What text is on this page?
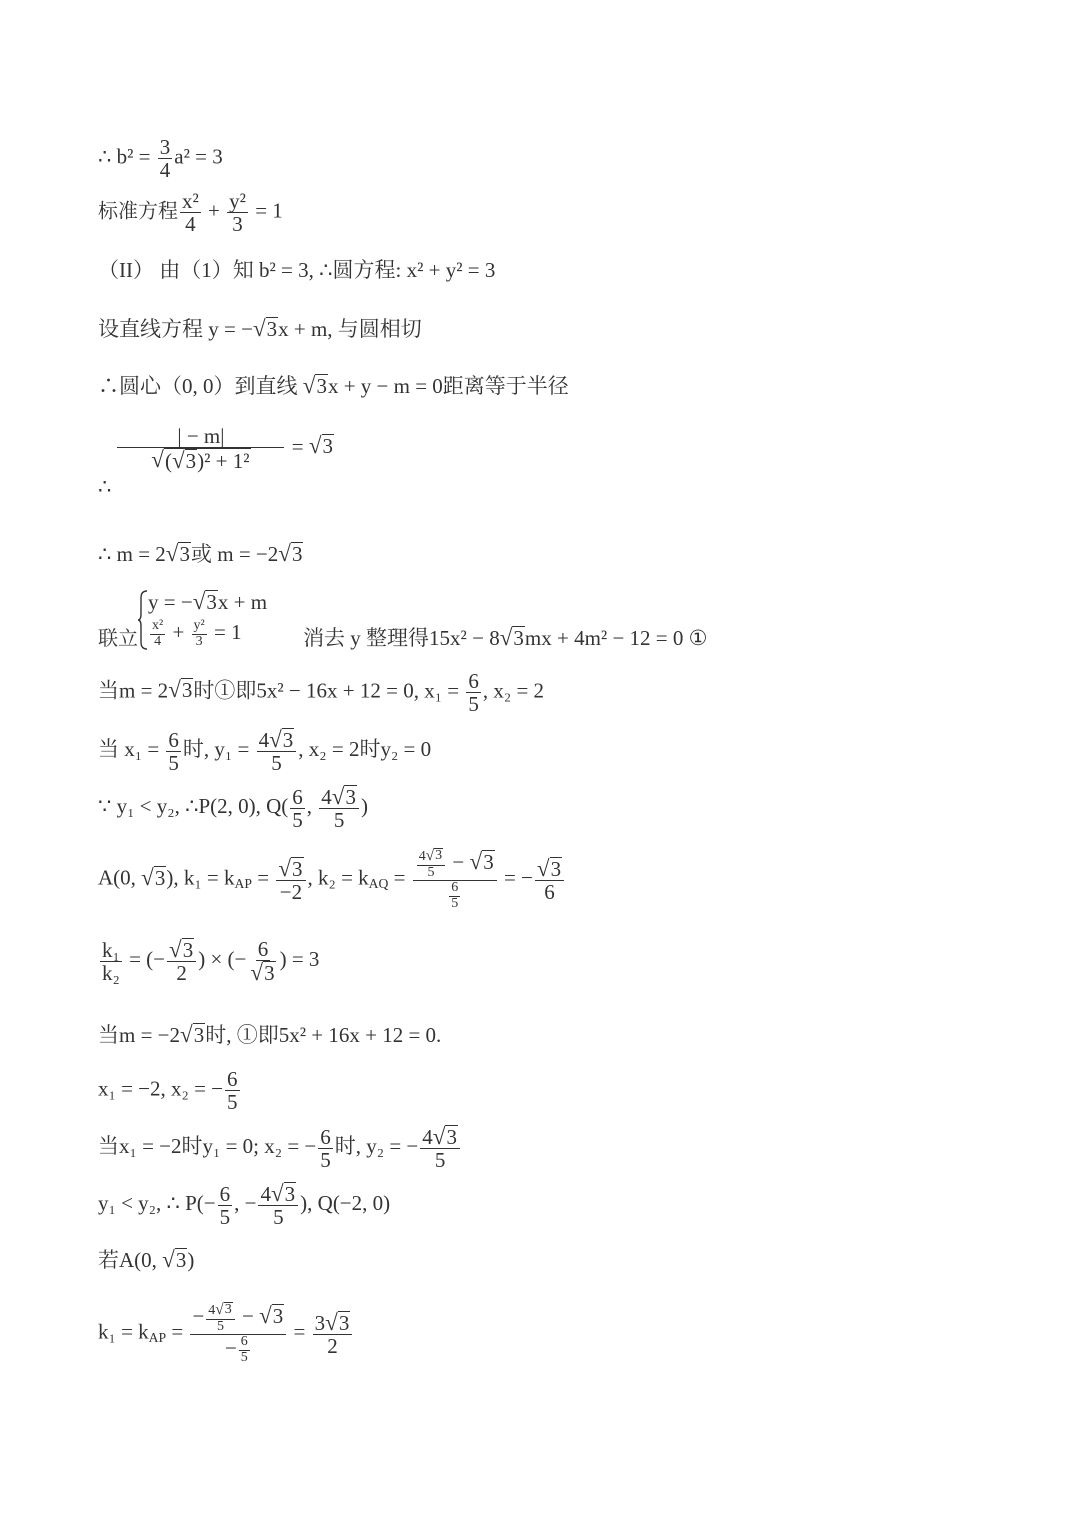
∴ $b^2 = \frac{3}{4} a^2 = 3$
标准方程 $\frac{\text{x²}}{4} + \frac{\text{y²}}{3} = 1$
（II） 由（1）知 b² = 3, ∴圆方程: x² + y² = 3
设直线方程 y = − √ 3 x + m, 与圆相切
∴圆心（0, 0）到直线 √ 3 x + y − m = 0距离等于半径
∴
$\frac{| - m|}{\text{√ ( √ 3 )² + 1²}}$ = √ 3
∴ m = 2 √ 3 或 m = −2 √ 3
联立
y = − √ 3 x + m
$\frac{\text{x²}}{4} + \frac{\text{y²}}{3} = 1$	消去 y 整理得15x² − 8 √ 3 mx + 4m² − 12 = 0 ①
当m = 2 √ 3 时①即5x² − 16x + 12 = 0, $x_1 = \frac{6}{5}$ , x₂ = 2
当 $x_1 = \frac{6}{5}$ 时, $y_1 = \frac{4 √ 3}{5}$ , x₂ = 2时y₂ = 0
∵ y₁ < y₂, ∴P(2, 0), $Q( \frac{6}{5}$ , $\frac{4 √ 3}{5}$ )
A(0, √ 3 ), $k_1 = k_{AP} = \frac{√ 3}{-2}$ , $k_2 = k_{AQ} = \frac{\frac{4 √ 3}{5} - √ 3}{\frac{6}{5}}$ = − $\frac{√ 3}{6}$
$\frac{\text{k₁}}{\text{k₂}}$ = (− $\frac{√ 3}{2}$ ) × (− $\frac{6}{√ 3}$ ) = 3
当m = −2 √ 3 时, ①即5x² + 16x + 12 = 0.
x₁ = −2, x₂ = − $\frac{6}{5}$
当x₁ = −2时y₁ = 0; x₂ = − $\frac{6}{5}$ 时, y₂ = − $\frac{4 √ 3}{5}$
y₁ < y₂, ∴ $P(- \frac{6}{5}$ , − $\frac{4 √ 3}{5}$ ), Q(−2, 0)
若A(0, √ 3 )
$k_1 = k_{AP} = \frac{- \frac{4 √ 3}{5} - √ 3}{- \frac{6}{5}} = \frac{3 √ 3}{2}$
